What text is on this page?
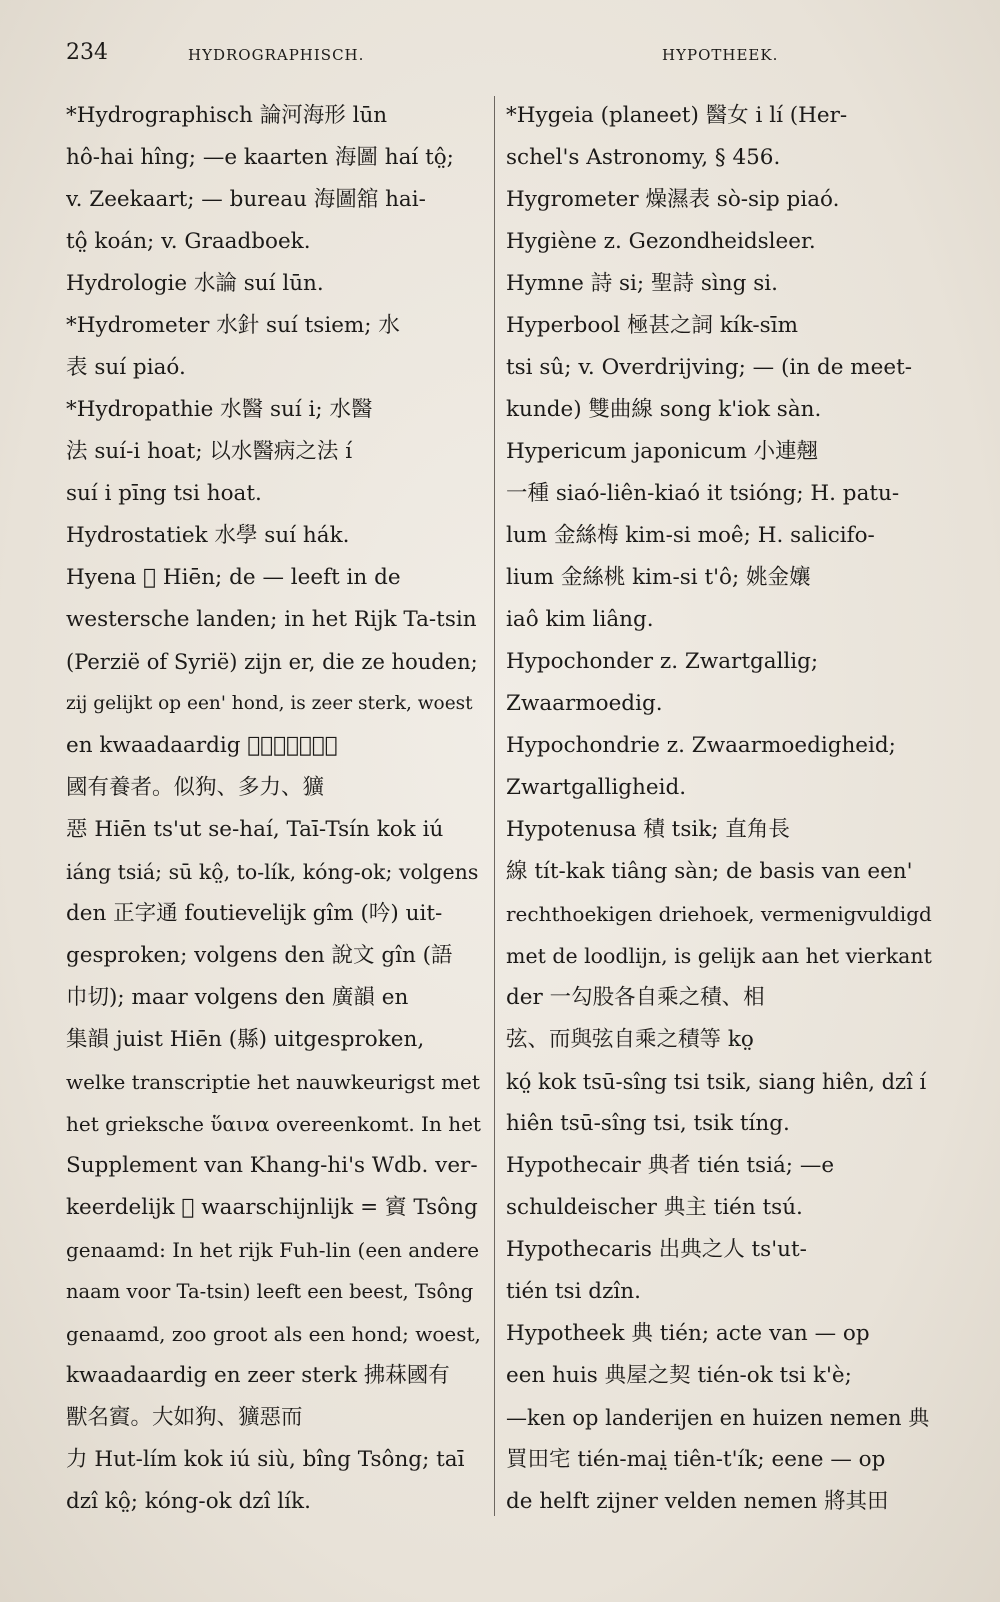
234	HYDROGRAPHISCH.	HYPOTHEEK.
*Hydrographisch 論河海形 lūn
hô-hai hîng; —e kaarten 海圖 haí tô̤;
v. Zeekaart; — bureau 海圖舘 hai-
tô̤ koán; v. Graadboek.
Hydrologie 水論 suí lūn.
*Hydrometer 水針 suí tsiem; 水
表 suí piaó.
*Hydropathie 水醫 suí i; 水醫
法 suí-i hoat; 以水醫病之法 í
suí i pīng tsi hoat.
Hydrostatiek 水學 suí hák.
Hyena 𧴩 Hiēn; de — leeft in de
westersche landen; in het Rijk Ta-tsin
(Perzië of Syrië) zijn er, die ze houden;
zij gelijkt op een' hond, is zeer sterk, woest
en kwaadaardig 𧴩出西海。大秦
國有養者。似狗、多力、獷
惡 Hiēn ts'ut se-haí, Taī-Tsín kok iú
iáng tsiá; sū kô̤, to-lík, kóng-ok; volgens
den 正字通 foutievelijk gîm (吟) uit-
gesproken; volgens den 說文 gîn (語
巾切); maar volgens den 廣韻 en
集韻 juist Hiēn (縣) uitgesproken,
welke transcriptie het nauwkeurigst met
het grieksche ὕαινα overeenkomt. In het
Supplement van Khang-hi's Wdb. ver-
keerdelijk 𧴩 waarschijnlijk = 賨 Tsông
genaamd: In het rijk Fuh-lin (een andere
naam voor Ta-tsin) leeft een beest, Tsông
genaamd, zoo groot als een hond; woest,
kwaadaardig en zeer sterk 拂菻國有
獸名賨。大如狗、獷惡而
力 Hut-lím kok iú siù, bîng Tsông; taī
dzî kô̤; kóng-ok dzî lík.
*Hygeia (planeet) 醫女 i lí (Her-
schel's Astronomy, § 456.
Hygrometer 燥濕表 sò-sip piaó.
Hygiène z. Gezondheidsleer.
Hymne 詩 si; 聖詩 sìng si.
Hyperbool 極甚之詞 kík-sīm
tsi sû; v. Overdrijving; — (in de meet-
kunde) 雙曲線 song k'iok sàn.
Hypericum japonicum 小連翹
一種 siaó-liên-kiaó it tsióng; H. patu-
lum 金絲梅 kim-si moê; H. salicifo-
lium 金絲桃 kim-si t'ô; 姚金孃
iaô kim liâng.
Hypochonder z. Zwartgallig;
Zwaarmoedig.
Hypochondrie z. Zwaarmoedigheid;
Zwartgalligheid.
Hypotenusa 積 tsik; 直角長
線 tít-kak tiâng sàn; de basis van een'
rechthoekigen driehoek, vermenigvuldigd
met de loodlijn, is gelijk aan het vierkant
der 一勾股各自乘之積、相
弦、而與弦自乘之積等 ko̤
kó̤ kok tsū-sîng tsi tsik, siang hiên, dzî í
hiên tsū-sîng tsi, tsik tíng.
Hypothecair 典者 tién tsiá; —e
schuldeischer 典主 tién tsú.
Hypothecaris 出典之人 ts'ut-
tién tsi dzîn.
Hypotheek 典 tién; acte van — op
een huis 典屋之契 tién-ok tsi k'è;
—ken op landerijen en huizen nemen 典
買田宅 tién-mai̤ tiên-t'ík; eene — op
de helft zijner velden nemen 將其田
